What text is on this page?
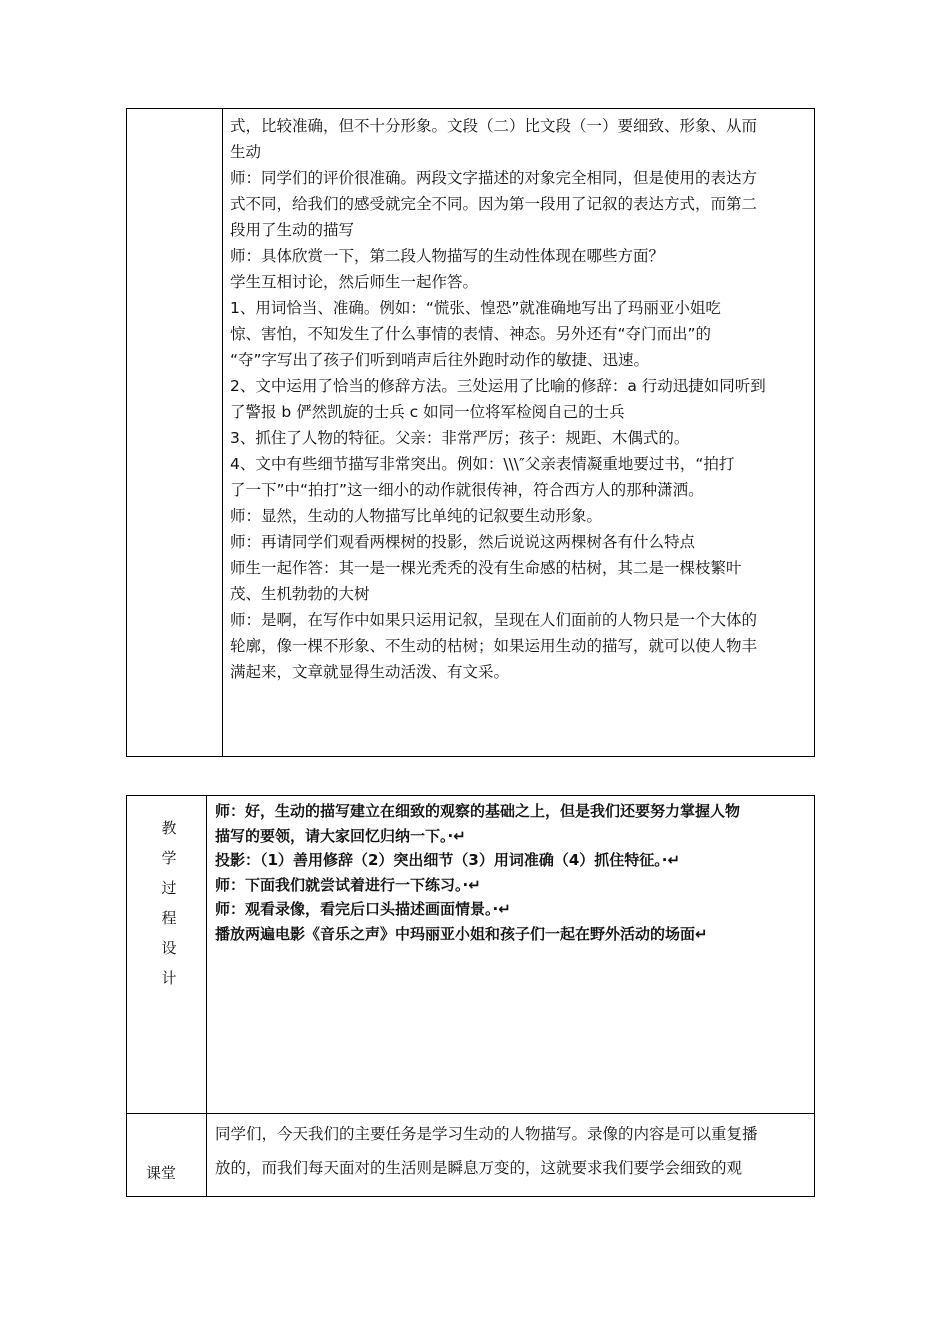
式，比较准确，但不十分形象。文段（二）比文段（一）要细致、形象、从而

生动

师：同学们的评价很准确。两段文字描述的对象完全相同，但是使用的表达方

式不同，给我们的感受就完全不同。因为第一段用了记叙的表达方式，而第二

段用了生动的描写

师：具体欣赏一下，第二段人物描写的生动性体现在哪些方面？

学生互相讨论，然后师生一起作答。

1、用词恰当、准确。例如：“慌张、惶恐”就准确地写出了玛丽亚小姐吃

惊、害怕，不知发生了什么事情的表情、神态。另外还有“夺门而出”的

“夺”字写出了孩子们听到哨声后往外跑时动作的敏捷、迅速。

2、文中运用了恰当的修辞方法。三处运用了比喻的修辞：a 行动迅捷如同听到

了警报 b 俨然凯旋的士兵 c 如同一位将军检阅自己的士兵

3、抓住了人物的特征。父亲：非常严厉；孩子：规距、木偶式的。

4、文中有些细节描写非常突出。例如：\\\″父亲表情凝重地要过书，“拍打

了一下”中“拍打”这一细小的动作就很传神，符合西方人的那种潇洒。

师：显然，生动的人物描写比单纯的记叙要生动形象。

师：再请同学们观看两棵树的投影，然后说说这两棵树各有什么特点

师生一起作答：其一是一棵光秃秃的没有生命感的枯树，其二是一棵枝繁叶

茂、生机勃勃的大树

师：是啊，在写作中如果只运用记叙，呈现在人们面前的人物只是一个大体的

轮廓，像一棵不形象、不生动的枯树；如果运用生动的描写，就可以使人物丰

满起来，文章就显得生动活泼、有文采。

教
学
过
程
设
计

师：好，生动的描写建立在细致的观察的基础之上，但是我们还要努力掌握人物

描写的要领，请大家回忆归纳一下。·↵

投影：（1）善用修辞（2）突出细节（3）用词准确（4）抓住特征。·↵

师：下面我们就尝试着进行一下练习。·↵

师：观看录像，看完后口头描述画面情景。·↵

播放两遍电影《音乐之声》中玛丽亚小姐和孩子们一起在野外活动的场面↵

课堂

同学们，今天我们的主要任务是学习生动的人物描写。录像的内容是可以重复播

放的，而我们每天面对的生活则是瞬息万变的，这就要求我们要学会细致的观
